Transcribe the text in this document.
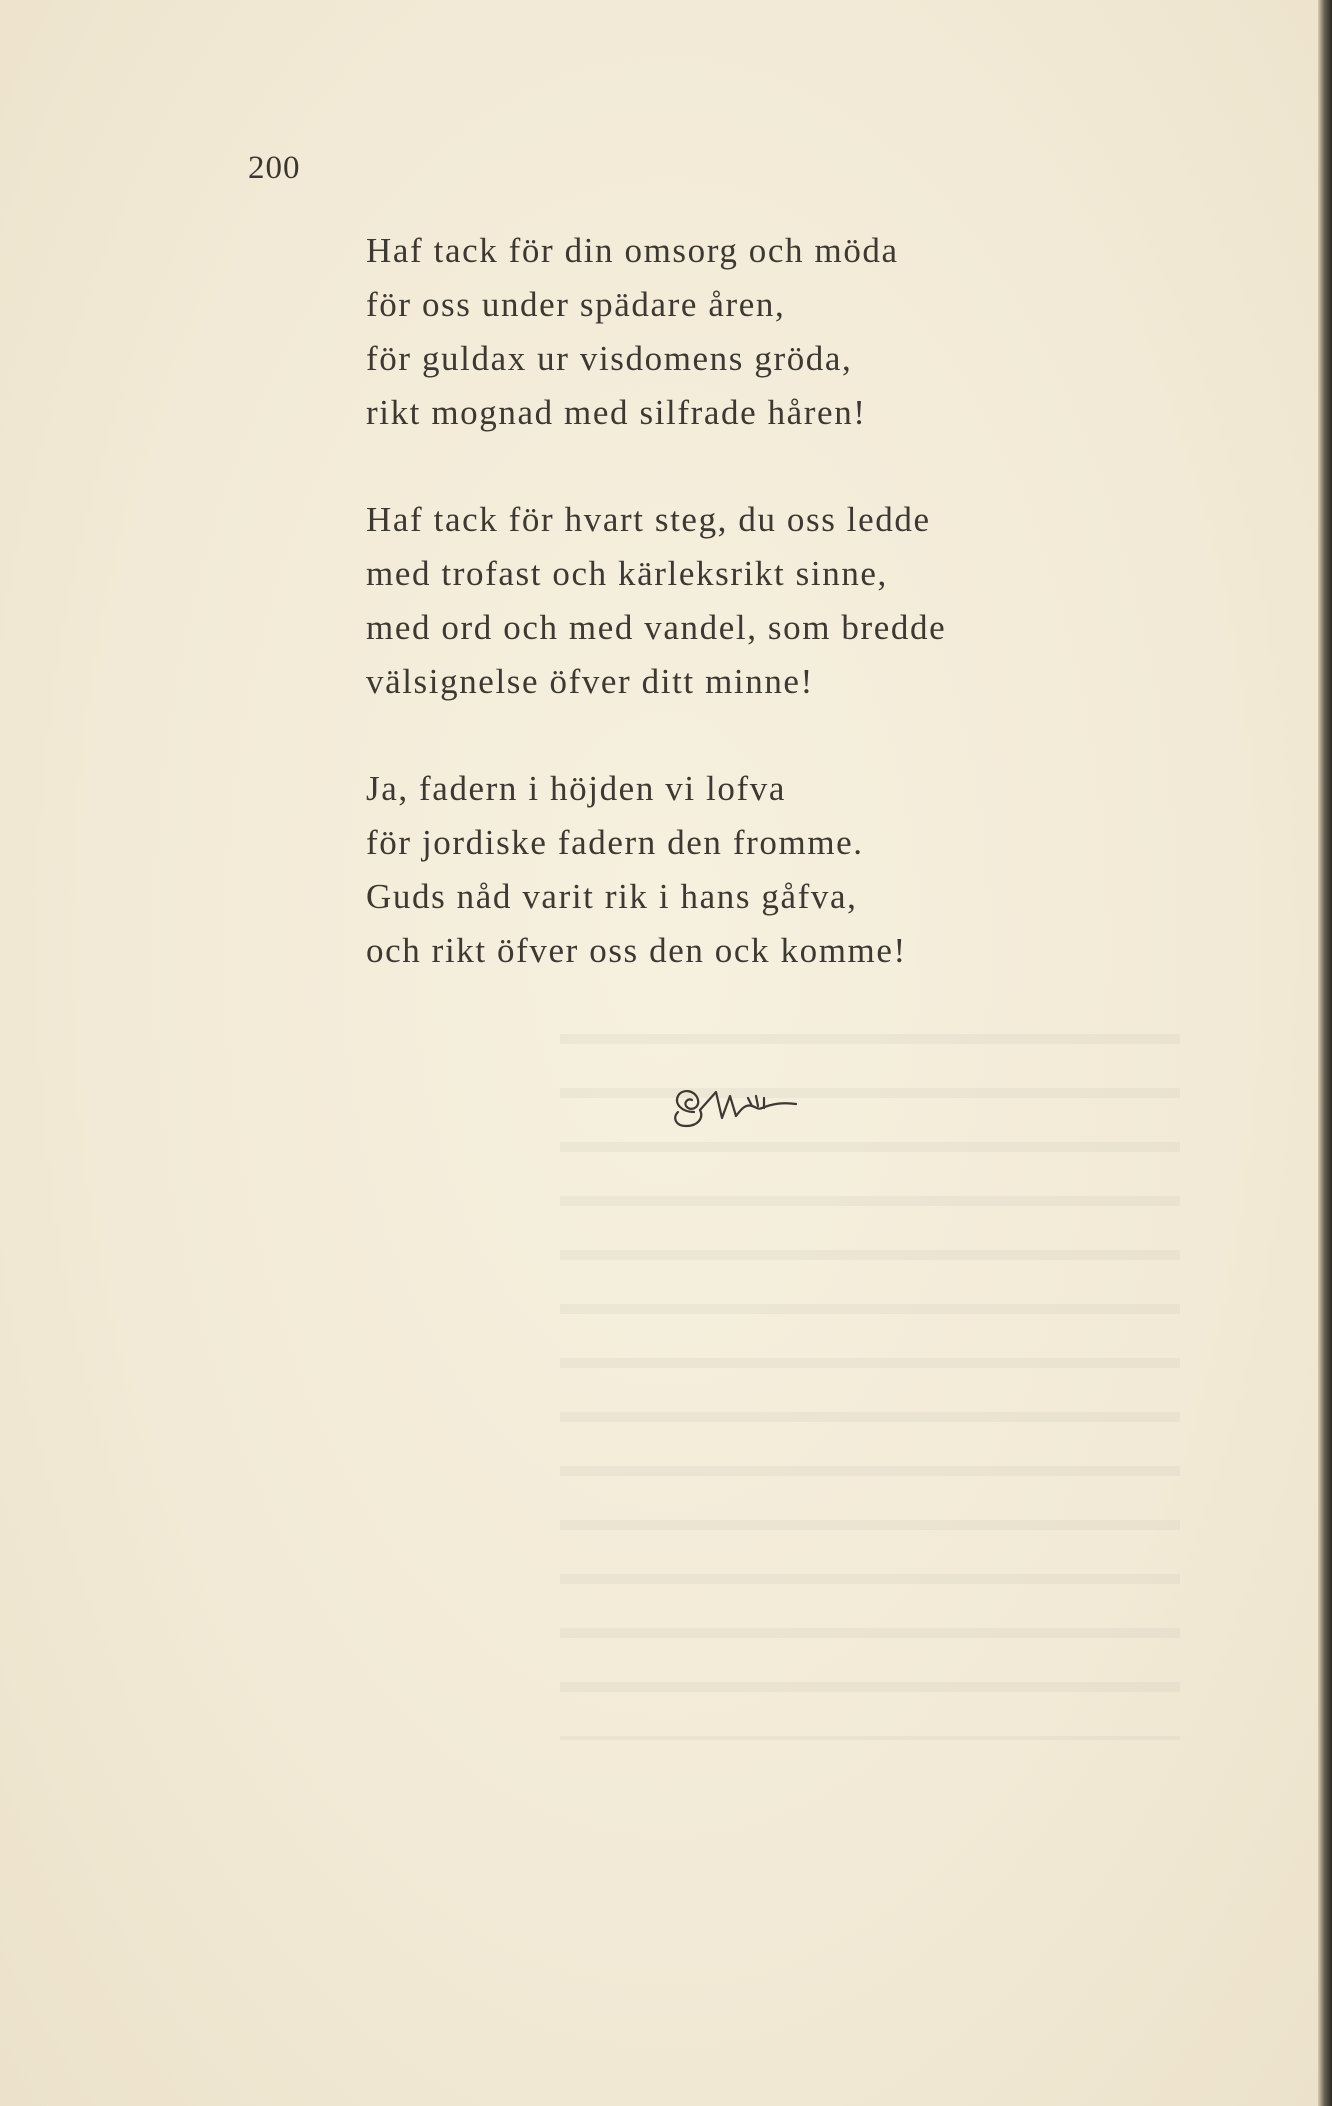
200
Haf tack för din omsorg och möda
för oss under spädare åren,
för guldax ur visdomens gröda,
rikt mognad med silfrade håren!
Haf tack för hvart steg, du oss ledde
med trofast och kärleksrikt sinne,
med ord och med vandel, som bredde
välsignelse öfver ditt minne!
Ja, fadern i höjden vi lofva
för jordiske fadern den fromme.
Guds nåd varit rik i hans gåfva,
och rikt öfver oss den ock komme!
